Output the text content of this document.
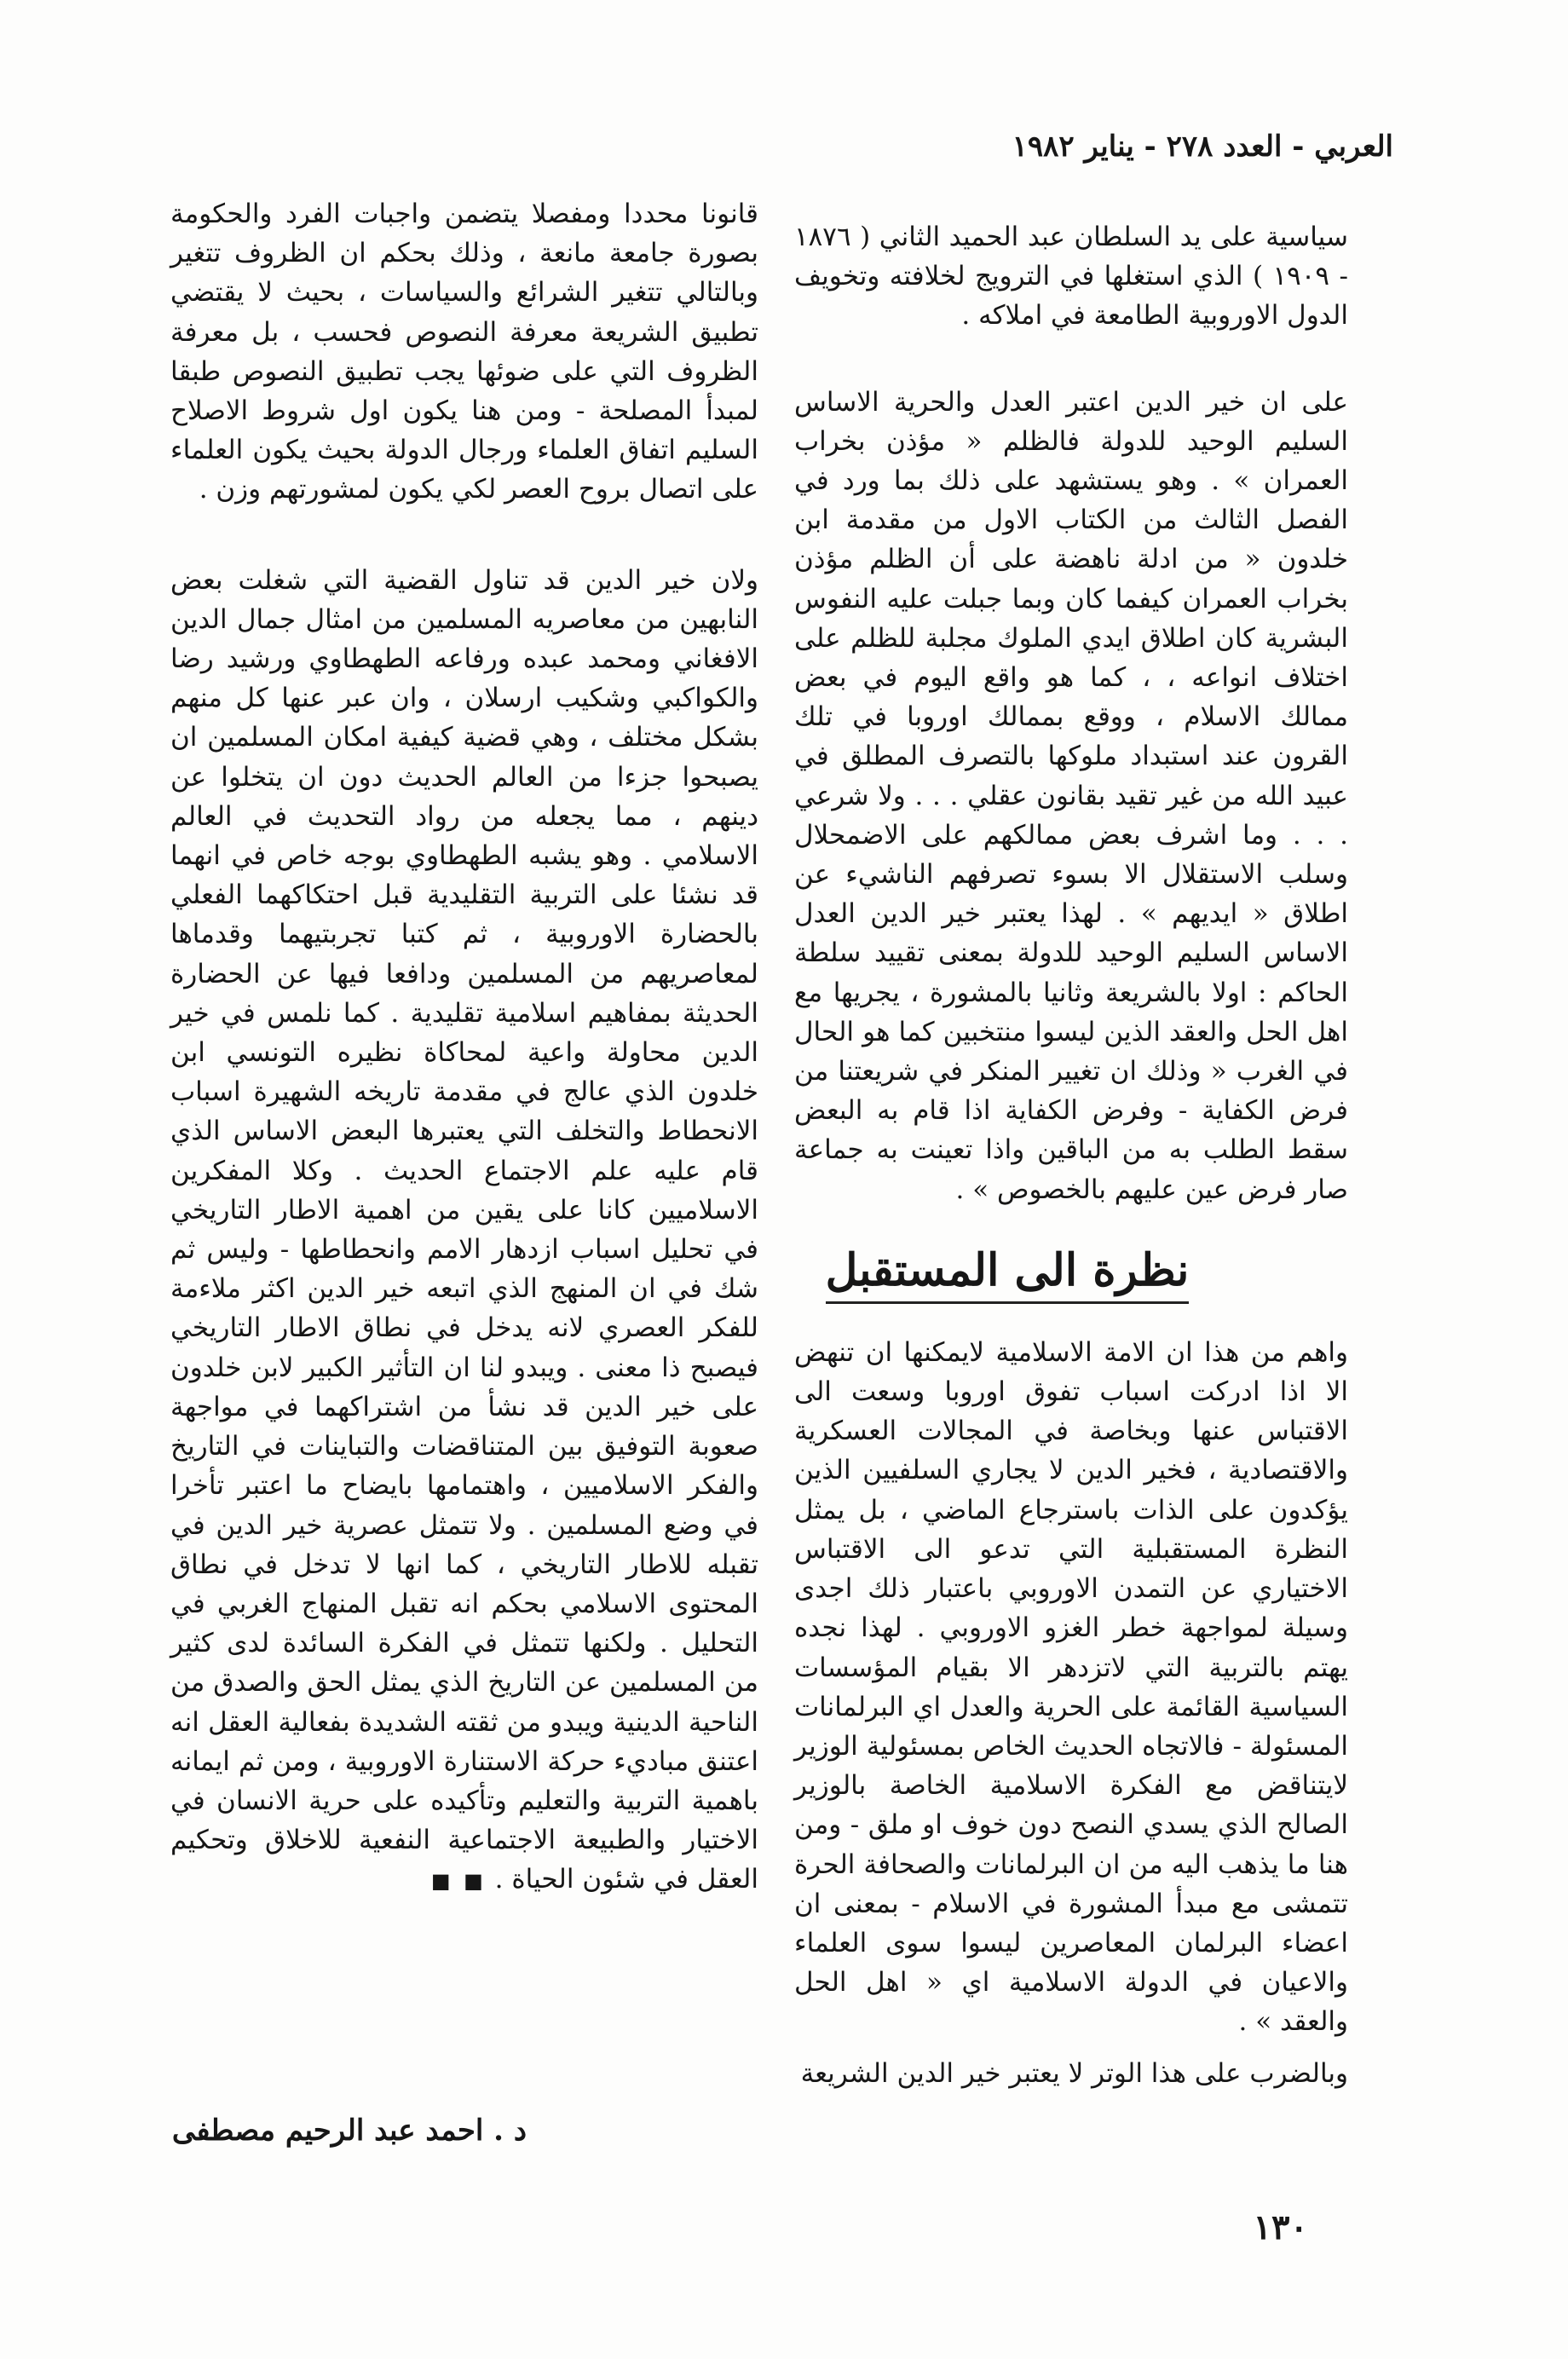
العربي - العدد ٢٧٨ - يناير ١٩٨٢

سياسية على يد السلطان عبد الحميد الثاني ( ١٨٧٦ - ١٩٠٩ ) الذي استغلها في الترويج لخلافته وتخويف الدول الاوروبية الطامعة في املاكه .

على ان خير الدين اعتبر العدل والحرية الاساس السليم الوحيد للدولة فالظلم « مؤذن بخراب العمران » . وهو يستشهد على ذلك بما ورد في الفصل الثالث من الكتاب الاول من مقدمة ابن خلدون « من ادلة ناهضة على أن الظلم مؤذن بخراب العمران كيفما كان وبما جبلت عليه النفوس البشرية كان اطلاق ايدي الملوك مجلبة للظلم على اختلاف انواعه ، ، كما هو واقع اليوم في بعض ممالك الاسلام ، ووقع بممالك اوروبا في تلك القرون عند استبداد ملوكها بالتصرف المطلق في عبيد الله من غير تقيد بقانون عقلي . . . ولا شرعي . . . وما اشرف بعض ممالكهم على الاضمحلال وسلب الاستقلال الا بسوء تصرفهم الناشيء عن اطلاق « ايديهم » . لهذا يعتبر خير الدين العدل الاساس السليم الوحيد للدولة بمعنى تقييد سلطة الحاكم : اولا بالشريعة وثانيا بالمشورة ، يجريها مع اهل الحل والعقد الذين ليسوا منتخبين كما هو الحال في الغرب « وذلك ان تغيير المنكر في شريعتنا من فرض الكفاية - وفرض الكفاية اذا قام به البعض سقط الطلب به من الباقين واذا تعينت به جماعة صار فرض عين عليهم بالخصوص » .

نظرة الى المستقبل

واهم من هذا ان الامة الاسلامية لايمكنها ان تنهض الا اذا ادركت اسباب تفوق اوروبا وسعت الى الاقتباس عنها وبخاصة في المجالات العسكرية والاقتصادية ، فخير الدين لا يجاري السلفيين الذين يؤكدون على الذات باسترجاع الماضي ، بل يمثل النظرة المستقبلية التي تدعو الى الاقتباس الاختياري عن التمدن الاوروبي باعتبار ذلك اجدى وسيلة لمواجهة خطر الغزو الاوروبي . لهذا نجده يهتم بالتربية التي لاتزدهر الا بقيام المؤسسات السياسية القائمة على الحرية والعدل اي البرلمانات المسئولة - فالاتجاه الحديث الخاص بمسئولية الوزير لايتناقض مع الفكرة الاسلامية الخاصة بالوزير الصالح الذي يسدي النصح دون خوف او ملق - ومن هنا ما يذهب اليه من ان البرلمانات والصحافة الحرة تتمشى مع مبدأ المشورة في الاسلام - بمعنى ان اعضاء البرلمان المعاصرين ليسوا سوى العلماء والاعيان في الدولة الاسلامية اي « اهل الحل والعقد » .

وبالضرب على هذا الوتر لا يعتبر خير الدين الشريعة

قانونا محددا ومفصلا يتضمن واجبات الفرد والحكومة بصورة جامعة مانعة ، وذلك بحكم ان الظروف تتغير وبالتالي تتغير الشرائع والسياسات ، بحيث لا يقتضي تطبيق الشريعة معرفة النصوص فحسب ، بل معرفة الظروف التي على ضوئها يجب تطبيق النصوص طبقا لمبدأ المصلحة - ومن هنا يكون اول شروط الاصلاح السليم اتفاق العلماء ورجال الدولة بحيث يكون العلماء على اتصال بروح العصر لكي يكون لمشورتهم وزن .

ولان خير الدين قد تناول القضية التي شغلت بعض النابهين من معاصريه المسلمين من امثال جمال الدين الافغاني ومحمد عبده ورفاعه الطهطاوي ورشيد رضا والكواكبي وشكيب ارسلان ، وان عبر عنها كل منهم بشكل مختلف ، وهي قضية كيفية امكان المسلمين ان يصبحوا جزءا من العالم الحديث دون ان يتخلوا عن دينهم ، مما يجعله من رواد التحديث في العالم الاسلامي . وهو يشبه الطهطاوي بوجه خاص في انهما قد نشئا على التربية التقليدية قبل احتكاكهما الفعلي بالحضارة الاوروبية ، ثم كتبا تجربتيهما وقدماها لمعاصريهم من المسلمين ودافعا فيها عن الحضارة الحديثة بمفاهيم اسلامية تقليدية . كما نلمس في خير الدين محاولة واعية لمحاكاة نظيره التونسي ابن خلدون الذي عالج في مقدمة تاريخه الشهيرة اسباب الانحطاط والتخلف التي يعتبرها البعض الاساس الذي قام عليه علم الاجتماع الحديث . وكلا المفكرين الاسلاميين كانا على يقين من اهمية الاطار التاريخي في تحليل اسباب ازدهار الامم وانحطاطها - وليس ثم شك في ان المنهج الذي اتبعه خير الدين اكثر ملاءمة للفكر العصري لانه يدخل في نطاق الاطار التاريخي فيصبح ذا معنى . ويبدو لنا ان التأثير الكبير لابن خلدون على خير الدين قد نشأ من اشتراكهما في مواجهة صعوبة التوفيق بين المتناقضات والتباينات في التاريخ والفكر الاسلاميين ، واهتمامها بايضاح ما اعتبر تأخرا في وضع المسلمين . ولا تتمثل عصرية خير الدين في تقبله للاطار التاريخي ، كما انها لا تدخل في نطاق المحتوى الاسلامي بحكم انه تقبل المنهاج الغربي في التحليل . ولكنها تتمثل في الفكرة السائدة لدى كثير من المسلمين عن التاريخ الذي يمثل الحق والصدق من الناحية الدينية ويبدو من ثقته الشديدة بفعالية العقل انه اعتنق مباديء حركة الاستنارة الاوروبية ، ومن ثم ايمانه باهمية التربية والتعليم وتأكيده على حرية الانسان في الاختيار والطبيعة الاجتماعية النفعية للاخلاق وتحكيم العقل في شئون الحياة . ■ ■

د . احمد عبد الرحيم مصطفى
١٣٠
